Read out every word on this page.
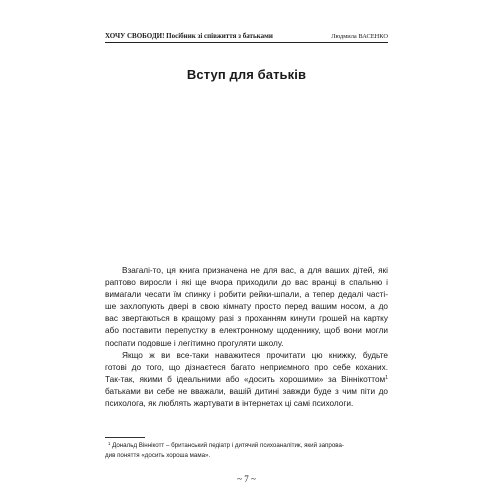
ХОЧУ СВОБОДИ! Посібник зі співжиття з батьками	Людмила ВАСЕНКО
Вступ для батьків
Взагалі-то, ця книга призначена не для вас, а для ваших дітей, які
раптово виросли і які ще вчора приходили до вас вранці в спальню і
вимагали чесати їм спинку і робити рейки-шпали, а тепер дедалі часті-
ше захлопують двері в свою кімнату просто перед вашим носом, а до
вас звертаються в кращому разі з проханням кинути грошей на картку
або поставити перепустку в електронному щоденнику, щоб вони могли
поспати подовше і легітимно прогуляти школу.
Якщо ж ви все-таки наважитеся прочитати цю книжку, будьте
готові до того, що дізнаєтеся багато неприємного про себе коханих.
Так-так, якими б ідеальними або «досить хорошими» за Віннікоттом$^1$
батьками ви себе не вважали, вашій дитині завжди буде з чим піти до
психолога, як люблять жартувати в інтернетах ці самі психологи.
$^1$ Дональд Віннікотт – британський педіатр і дитячий психоаналітик, який запрова-
див поняття «досить хороша мама».
~ 7 ~
